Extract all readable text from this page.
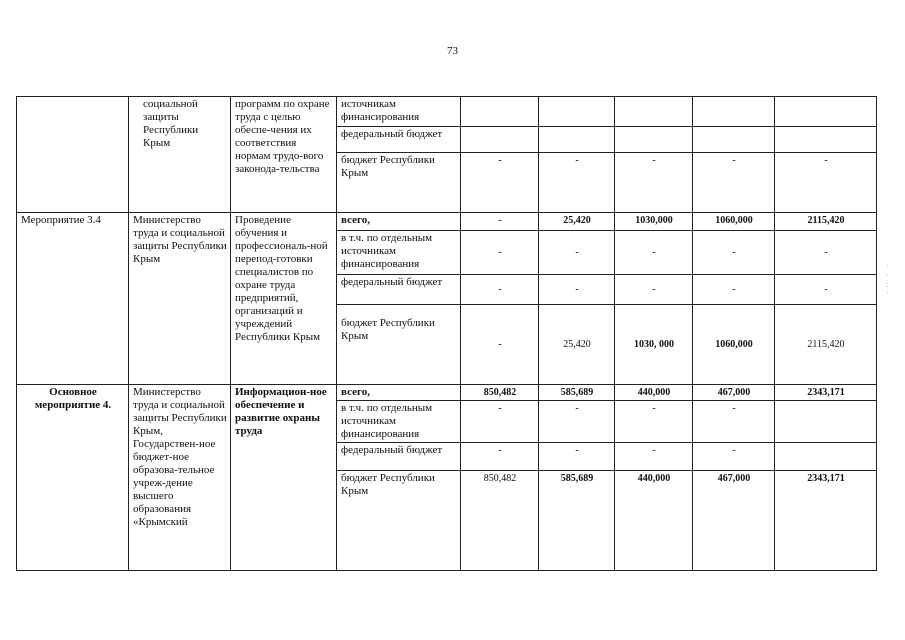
73
	социальной защиты Республики Крым	программ по охране труда с целью обеспе-чения их соответствия нормам трудо-вого законода-тельства	источникам финансирования					
			федеральный бюджет					
			бюджет Республики Крым	-	-	-	-	-
Мероприятие 3.4	Министерство труда и социальной защиты Республики Крым	Проведение обучения и профессиональ-ной перепод-готовки специалистов по охране труда предприятий, организаций и учреждений Республики Крым	всего,	-	25,420	1030,000	1060,000	2115,420
			в т.ч. по отдельным источникам финансирования	-	-	-	-	-
			федеральный бюджет	-	-	-	-	-
			бюджет Республики Крым	-	25,420	1030, 000	1060,000	2115,420
Основное мероприятие 4.	Министерство труда и социальной защиты Республики Крым, Государствен-ное бюджет-ное образова-тельное учреж-дение высшего образования «Крымский	Информацион-ное обеспечение и развитие охраны труда	всего,	850,482	585,689	440,000	467,000	2343,171
			в т.ч. по отдельным источникам финансирования	-	-	-	-	
			федеральный бюджет	-	-	-	-	
			бюджет Республики Крым	850,482	585,689	440,000	467,000	2343,171
·
·
:
·
